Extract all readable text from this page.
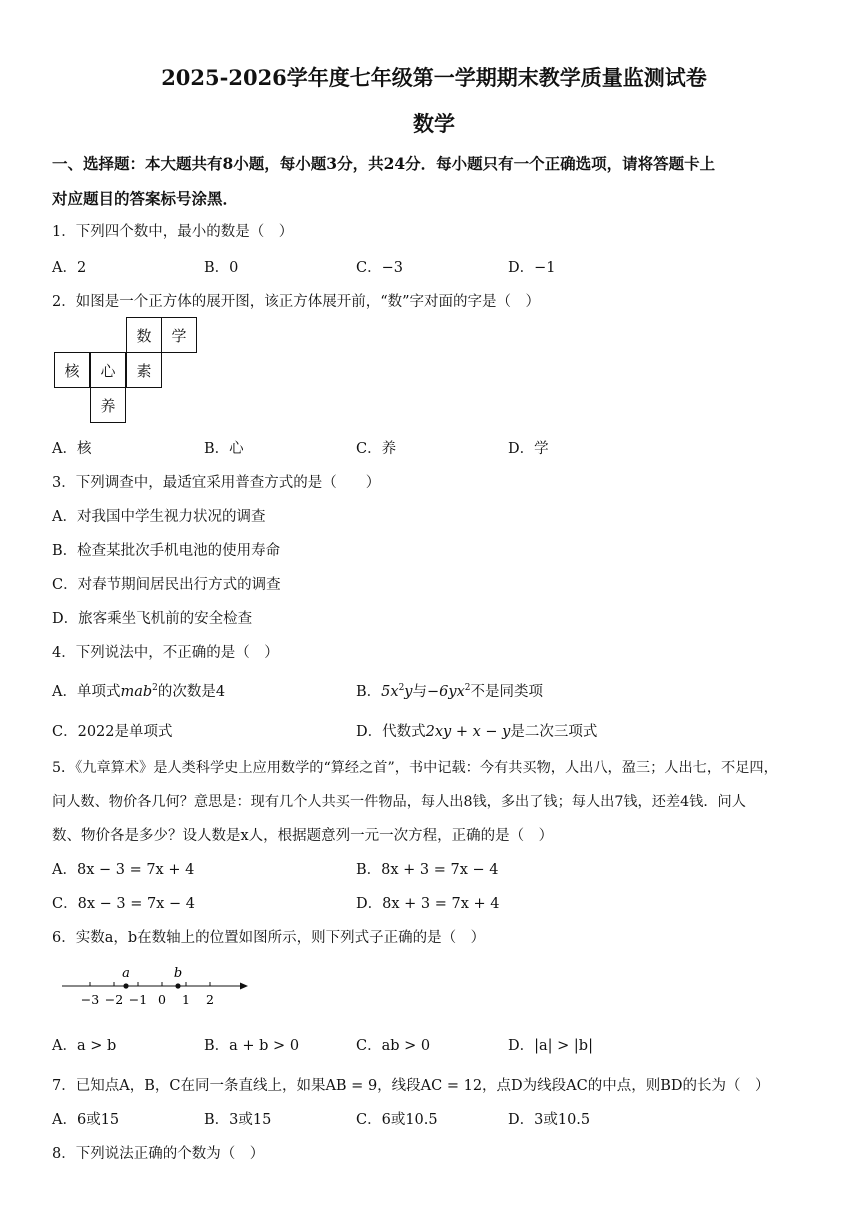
2025-2026学年度七年级第一学期期末教学质量监测试卷
数学
一、选择题：本大题共有8小题，每小题3分，共24分．每小题只有一个正确选项，请将答题卡上
对应题目的答案标号涂黑．
1．下列四个数中，最小的数是（　）
A．2	B．0	C．−3	D．−1
2．如图是一个正方体的展开图，该正方体展开前，“数”字对面的字是（　）
数	学
核	心	素
养
A．核	B．心	C．养	D．学
3．下列调查中，最适宜采用普查方式的是（　　）
A．对我国中学生视力状况的调查
B．检查某批次手机电池的使用寿命
C．对春节期间居民出行方式的调查
D．旅客乘坐飞机前的安全检查
4．下列说法中，不正确的是（　）
A．单项式mab$^2$的次数是4	B．$5x^2y$与$-6yx^2$不是同类项
C．2022是单项式	D．代数式2xy + x − y是二次三项式
5．《九章算术》是人类科学史上应用数学的“算经之首”，书中记载：今有共买物，人出八，盈三；人出七，不足四，
问人数、物价各几何？意思是：现有几个人共买一件物品，每人出8钱，多出了钱；每人出7钱，还差4钱．问人
数、物价各是多少？设人数是x人，根据题意列一元一次方程，正确的是（　）
A．8x − 3 = 7x + 4	B．8x + 3 = 7x − 4
C．8x − 3 = 7x − 4	D．8x + 3 = 7x + 4
6．实数a，b在数轴上的位置如图所示，则下列式子正确的是（　）
a	b
−3 −2 −1 0 1 2
A．a > b	B．a + b > 0	C．ab > 0	D．|a| > |b|
7．已知点A，B，C在同一条直线上，如果AB = 9，线段AC = 12，点D为线段AC的中点，则BD的长为（　）
A．6或15	B．3或15	C．6或10.5	D．3或10.5
8．下列说法正确的个数为（　）
